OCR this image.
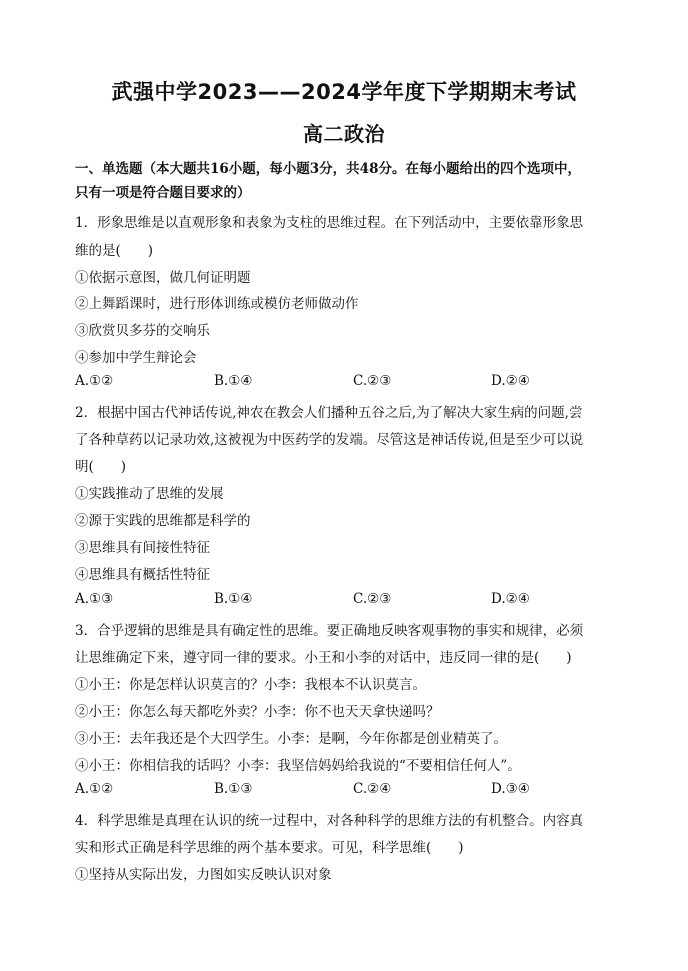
武强中学2023——2024学年度下学期期末考试
高二政治
一、单选题（本大题共16小题，每小题3分，共48分。在每小题给出的四个选项中，
只有一项是符合题目要求的）
1．形象思维是以直观形象和表象为支柱的思维过程。在下列活动中，主要依靠形象思
维的是(　　)
①依据示意图，做几何证明题
②上舞蹈课时，进行形体训练或模仿老师做动作
③欣赏贝多芬的交响乐
④参加中学生辩论会
A.①②	B.①④	C.②③	D.②④
2．根据中国古代神话传说,神农在教会人们播种五谷之后,为了解决大家生病的问题,尝
了各种草药以记录功效,这被视为中医药学的发端。尽管这是神话传说,但是至少可以说
明(　　)
①实践推动了思维的发展
②源于实践的思维都是科学的
③思维具有间接性特征
④思维具有概括性特征
A.①③	B.①④	C.②③	D.②④
3．合乎逻辑的思维是具有确定性的思维。要正确地反映客观事物的事实和规律，必须
让思维确定下来，遵守同一律的要求。小王和小李的对话中，违反同一律的是(　　)
①小王：你是怎样认识莫言的？小李：我根本不认识莫言。
②小王：你怎么每天都吃外卖？小李：你不也天天拿快递吗？
③小王：去年我还是个大四学生。小李：是啊，今年你都是创业精英了。
④小王：你相信我的话吗？小李：我坚信妈妈给我说的“不要相信任何人”。
A.①②	B.①③	C.②④	D.③④
4．科学思维是真理在认识的统一过程中，对各种科学的思维方法的有机整合。内容真
实和形式正确是科学思维的两个基本要求。可见，科学思维(　　)
①坚持从实际出发，力图如实反映认识对象
